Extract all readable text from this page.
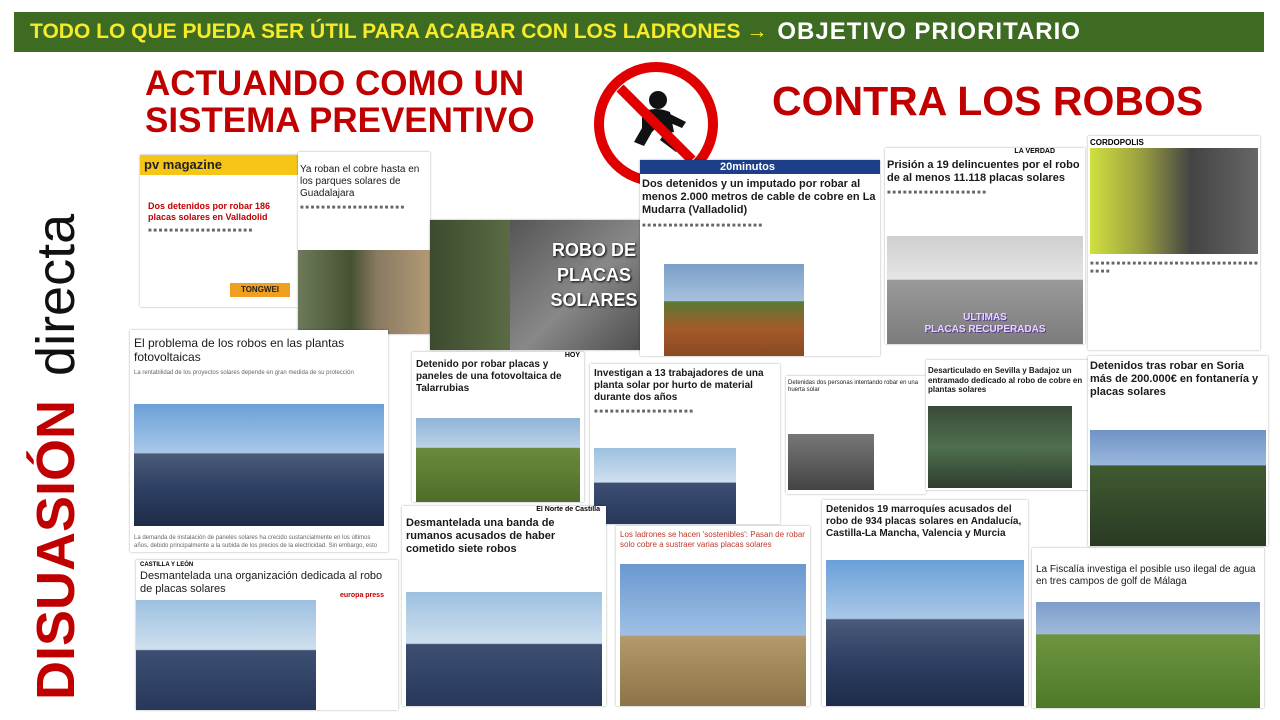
TODO LO QUE PUEDA SER ÚTIL PARA ACABAR CON LOS LADRONES → OBJETIVO PRIORITARIO
DISUASIÓNdirecta
ACTUANDO COMO UN
SISTEMA PREVENTIVO	CONTRA LOS ROBOS
pv magazine
Dos detenidos por robar 186 placas solares en Valladolid
■ ■ ■ ■ ■ ■ ■ ■ ■ ■ ■ ■ ■ ■ ■ ■ ■ ■ ■ ■
TONGWEI
Ya roban el cobre hasta en los parques solares de Guadalajara
■ ■ ■ ■ ■ ■ ■ ■ ■ ■ ■ ■ ■ ■ ■ ■ ■ ■ ■ ■
ROBO DE
PLACAS SOLARES
20minutos
Dos detenidos y un imputado por robar al menos 2.000 metros de cable de cobre en La Mudarra (Valladolid)
■ ■ ■ ■ ■ ■ ■ ■ ■ ■ ■ ■ ■ ■ ■ ■ ■ ■ ■ ■ ■ ■ ■
LA VERDAD
Prisión a 19 delincuentes por el robo de al menos 11.118 placas solares
■ ■ ■ ■ ■ ■ ■ ■ ■ ■ ■ ■ ■ ■ ■ ■ ■ ■ ■
ULTIMAS
PLACAS RECUPERADAS
CORDOPOLIS
■ ■ ■ ■ ■ ■ ■ ■ ■ ■ ■ ■ ■ ■ ■ ■ ■ ■ ■ ■ ■ ■ ■ ■ ■ ■ ■ ■ ■ ■ ■ ■ ■ ■ ■ ■
El problema de los robos en las plantas fotovoltaicas
La rentabilidad de los proyectos solares depende en gran medida de su protección
La demanda de instalación de paneles solares ha crecido sustancialmente en los últimos años, debido principalmente a la subida de los precios de la electricidad. Sin embargo, esto
HOY
Detenido por robar placas y paneles de una fotovoltaica de Talarrubias
Investigan a 13 trabajadores de una planta solar por hurto de material durante dos años
■ ■ ■ ■ ■ ■ ■ ■ ■ ■ ■ ■ ■ ■ ■ ■ ■ ■ ■
Detenidas dos personas intentando robar en una huerta solar
Desarticulado en Sevilla y Badajoz un entramado dedicado al robo de cobre en plantas solares
Detenidos tras robar en Soria más de 200.000€ en fontanería y placas solares
CASTILLA Y LEÓN
Desmantelada una organización dedicada al robo de placas solares
europa press
El Norte de Castilla
Desmantelada una banda de rumanos acusados de haber cometido siete robos
Los ladrones se hacen 'sostenibles': Pasan de robar solo cobre a sustraer varias placas solares
Detenidos 19 marroquíes acusados del robo de 934 placas solares en Andalucía, Castilla-La Mancha, Valencia y Murcia
La Fiscalía investiga el posible uso ilegal de agua en tres campos de golf de Málaga
